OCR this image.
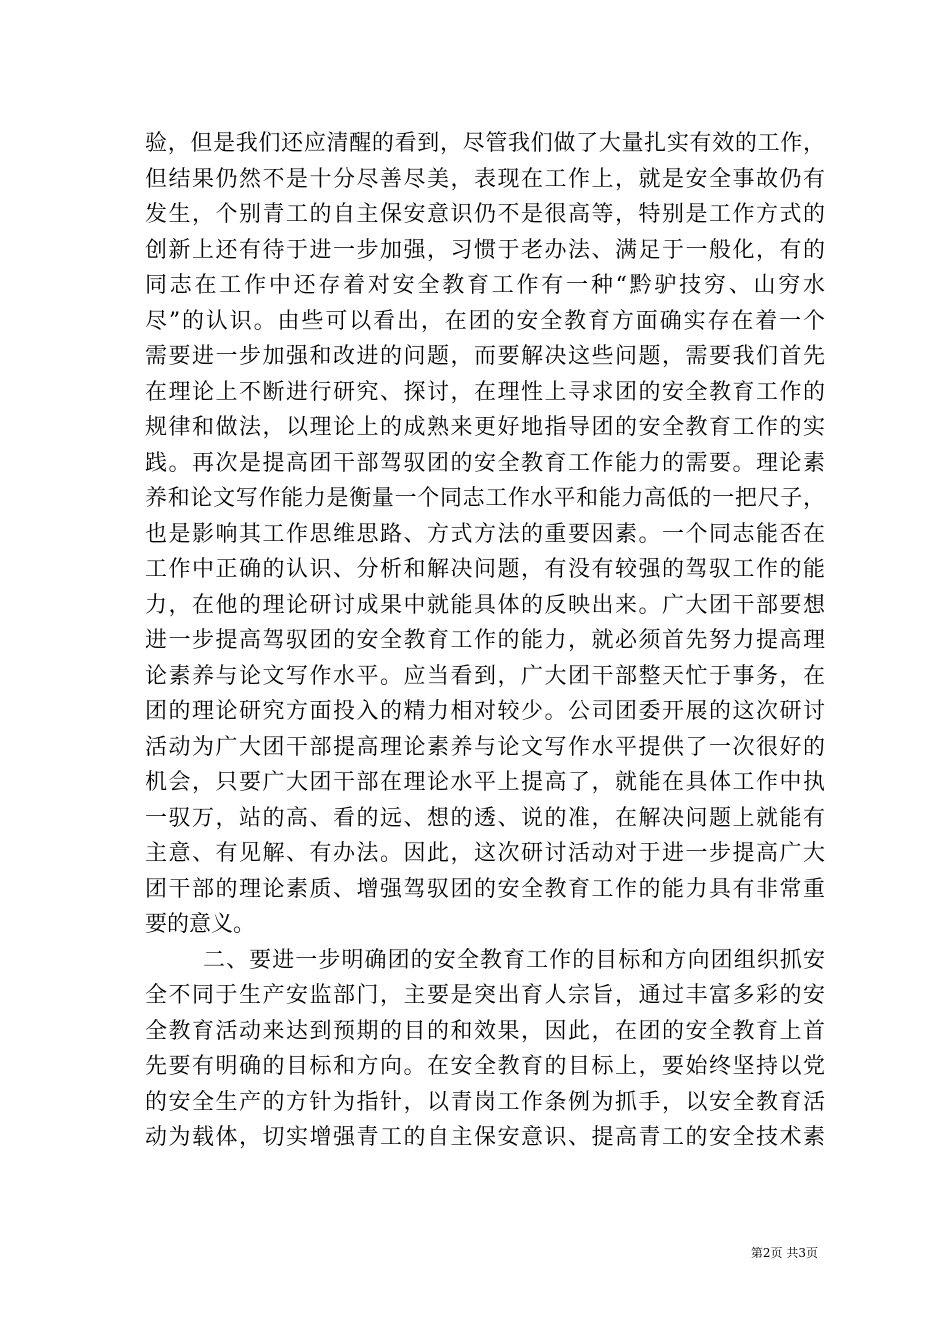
验，但是我们还应清醒的看到，尽管我们做了大量扎实有效的工作，
但结果仍然不是十分尽善尽美，表现在工作上，就是安全事故仍有
发生，个别青工的自主保安意识仍不是很高等，特别是工作方式的
创新上还有待于进一步加强，习惯于老办法、满足于一般化，有的
同志在工作中还存着对安全教育工作有一种“黔驴技穷、山穷水
尽”的认识。由些可以看出，在团的安全教育方面确实存在着一个
需要进一步加强和改进的问题，而要解决这些问题，需要我们首先
在理论上不断进行研究、探讨，在理性上寻求团的安全教育工作的
规律和做法，以理论上的成熟来更好地指导团的安全教育工作的实
践。再次是提高团干部驾驭团的安全教育工作能力的需要。理论素
养和论文写作能力是衡量一个同志工作水平和能力高低的一把尺子，
也是影响其工作思维思路、方式方法的重要因素。一个同志能否在
工作中正确的认识、分析和解决问题，有没有较强的驾驭工作的能
力，在他的理论研讨成果中就能具体的反映出来。广大团干部要想
进一步提高驾驭团的安全教育工作的能力，就必须首先努力提高理
论素养与论文写作水平。应当看到，广大团干部整天忙于事务，在
团的理论研究方面投入的精力相对较少。公司团委开展的这次研讨
活动为广大团干部提高理论素养与论文写作水平提供了一次很好的
机会，只要广大团干部在理论水平上提高了，就能在具体工作中执
一驭万，站的高、看的远、想的透、说的准，在解决问题上就能有
主意、有见解、有办法。因此，这次研讨活动对于进一步提高广大
团干部的理论素质、增强驾驭团的安全教育工作的能力具有非常重
要的意义。
二、要进一步明确团的安全教育工作的目标和方向团组织抓安
全不同于生产安监部门，主要是突出育人宗旨，通过丰富多彩的安
全教育活动来达到预期的目的和效果，因此，在团的安全教育上首
先要有明确的目标和方向。在安全教育的目标上，要始终坚持以党
的安全生产的方针为指针，以青岗工作条例为抓手，以安全教育活
动为载体，切实增强青工的自主保安意识、提高青工的安全技术素
第2页 共3页
